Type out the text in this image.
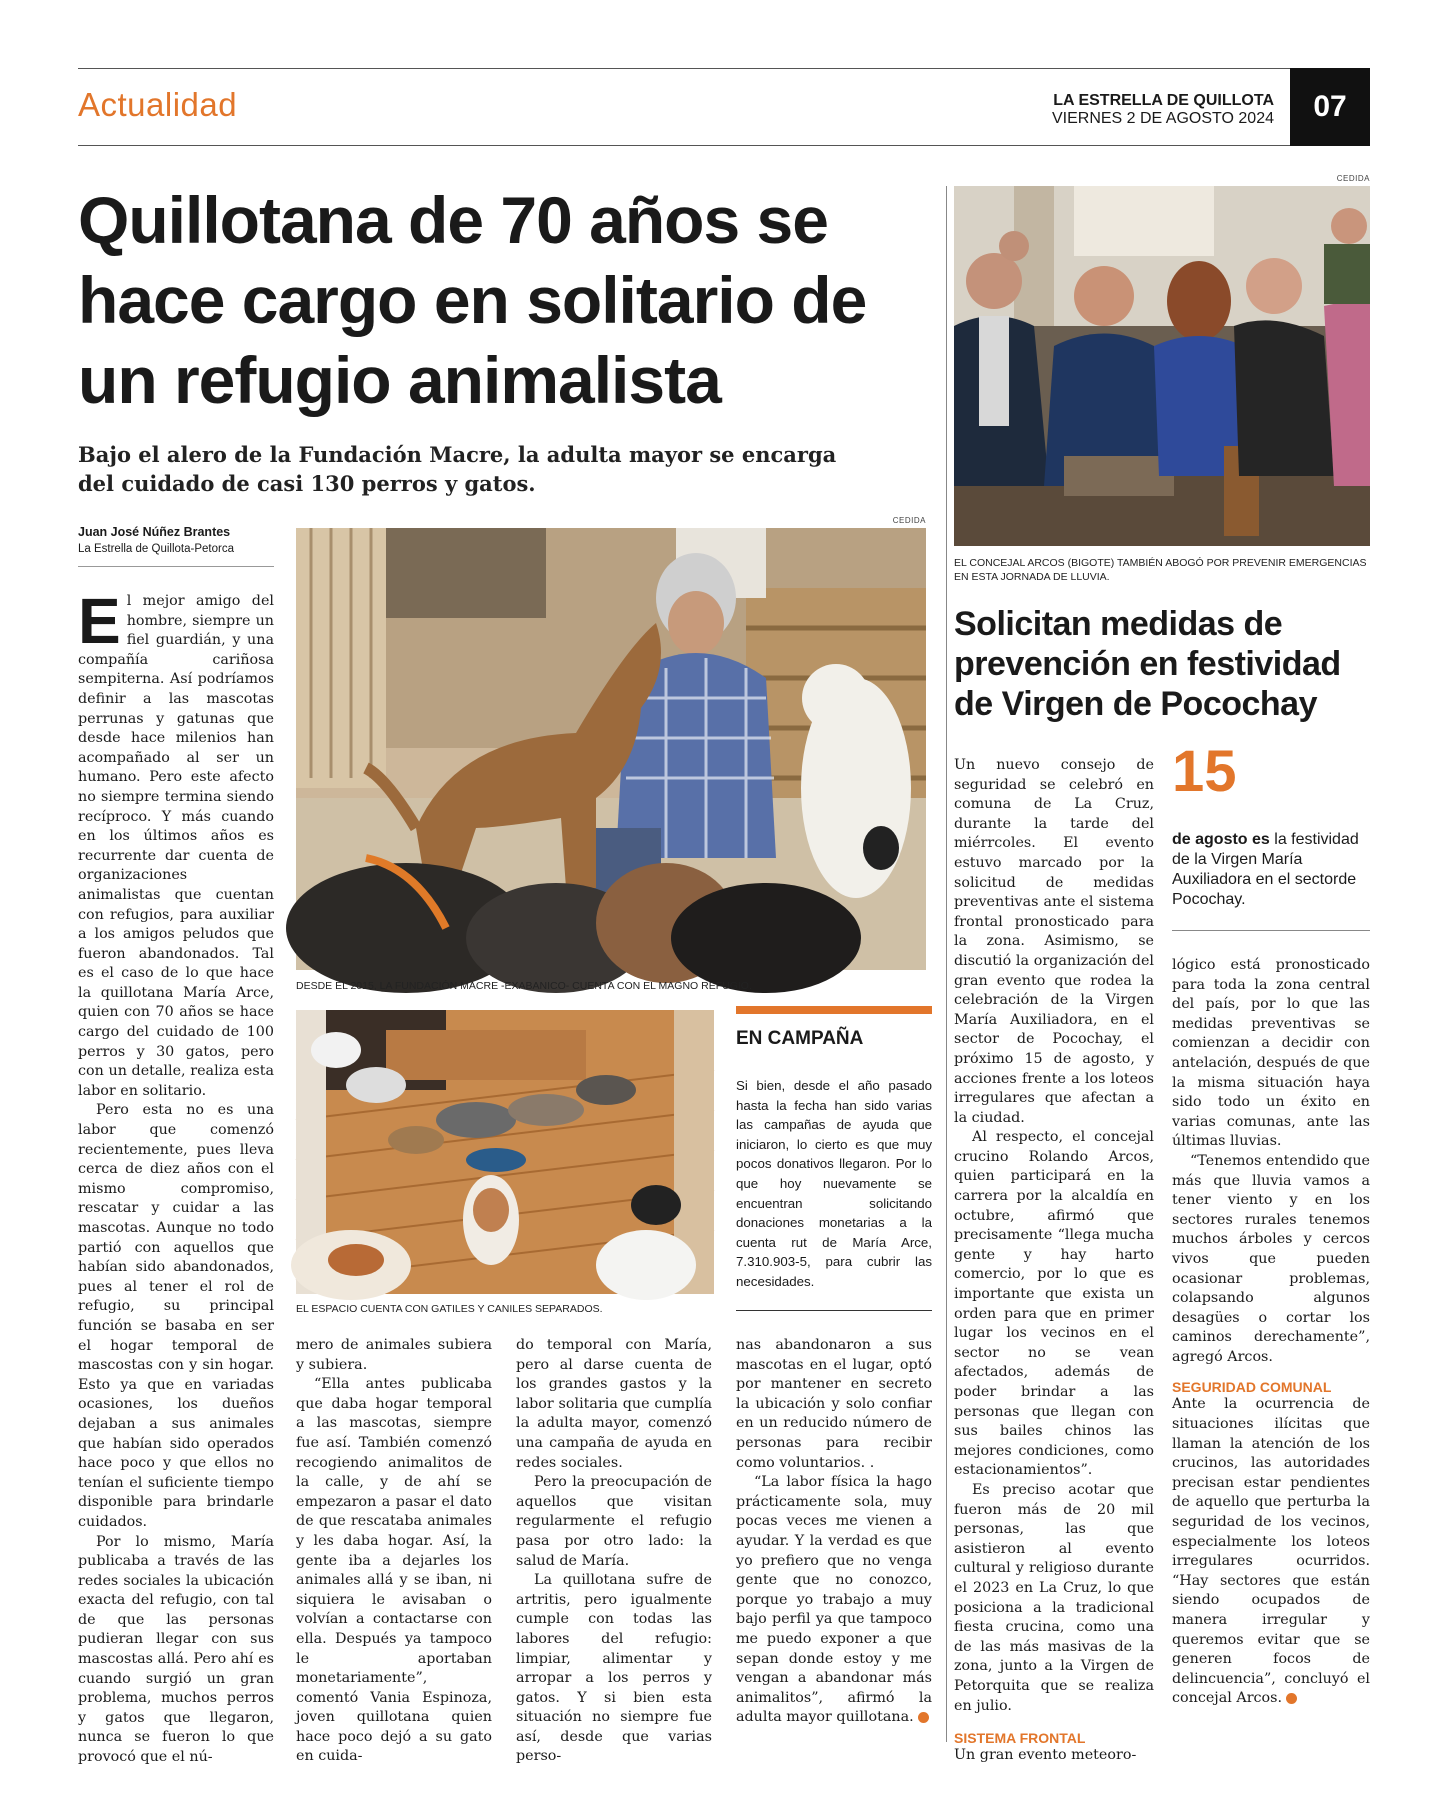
Actualidad	LA ESTRELLA DE QUILLOTA
VIERNES 2 DE AGOSTO 2024	07
Quillotana de 70 años se hace cargo en solitario de un refugio animalista
Bajo el alero de la Fundación Macre, la adulta mayor se encarga del cuidado de casi 130 perros y gatos.
Juan José Núñez Brantes
La Estrella de Quillota-Petorca

El mejor amigo del hombre, siempre un fiel guardián, y una compañía cariñosa sempiterna. Así podríamos definir a las mascotas perrunas y gatunas que desde hace milenios han acompañado al ser un humano. Pero este afecto no siempre termina siendo recíproco. Y más cuando en los últimos años es recurrente dar cuenta de organizaciones animalistas que cuentan con refugios, para auxiliar a los amigos peludos que fueron abandonados. Tal es el caso de lo que hace la quillotana María Arce, quien con 70 años se hace cargo del cuidado de 100 perros y 30 gatos, pero con un detalle, realiza esta labor en solitario.

Pero esta no es una labor que comenzó recientemente, pues lleva cerca de diez años con el mismo compromiso, rescatar y cuidar a las mascotas. Aunque no todo partió con aquellos que habían sido abandonados, pues al tener el rol de refugio, su principal función se basaba en ser el hogar temporal de mascostas con y sin hogar. Esto ya que en variadas ocasiones, los dueños dejaban a sus animales que habían sido operados hace poco y que ellos no tenían el suficiente tiempo disponible para brindarle cuidados.

Por lo mismo, María publicaba a través de las redes sociales la ubicación exacta del refugio, con tal de que las personas pudieran llegar con sus mascostas allá. Pero ahí es cuando surgió un gran problema, muchos perros y gatos que llegaron, nunca se fueron lo que provocó que el nú-

CEDIDA
DESDE EL 2015, LA FUNDACIÓN MACRE -EXABANICO- CUENTA CON EL MAGNO REFUGIO.
EL ESPACIO CUENTA CON GATILES Y CANILES SEPARADOS.

mero de animales subiera y subiera.

“Ella antes publicaba que daba hogar temporal a las mascotas, siempre fue así. También comenzó recogiendo animalitos de la calle, y de ahí se empezaron a pasar el dato de que rescataba animales y les daba hogar. Así, la gente iba a dejarles los animales allá y se iban, ni siquiera le avisaban o volvían a contactarse con ella. Después ya tampoco le aportaban monetariamente”, comentó Vania Espinoza, joven quillotana quien hace poco dejó a su gato en cuida-

do temporal con María, pero al darse cuenta de los grandes gastos y la labor solitaria que cumplía la adulta mayor, comenzó una campaña de ayuda en redes sociales.

Pero la preocupación de aquellos que visitan regularmente el refugio pasa por otro lado: la salud de María.

La quillotana sufre de artritis, pero igualmente cumple con todas las labores del refugio: limpiar, alimentar y arropar a los perros y gatos. Y si bien esta situación no siempre fue así, desde que varias perso-

EN CAMPAÑA
Si bien, desde el año pasado hasta la fecha han sido varias las campañas de ayuda que iniciaron, lo cierto es que muy pocos donativos llegaron. Por lo que hoy nuevamente se encuentran solicitando donaciones monetarias a la cuenta rut de María Arce, 7.310.903-5, para cubrir las necesidades.

nas abandonaron a sus mascotas en el lugar, optó por mantener en secreto la ubicación y solo confiar en un reducido número de personas para recibir como voluntarios. .

“La labor física la hago prácticamente sola, muy pocas veces me vienen a ayudar. Y la verdad es que yo prefiero que no venga gente que no conozco, porque yo trabajo a muy bajo perfil ya que tampoco me puedo exponer a que sepan donde estoy y me vengan a abandonar más animalitos”, afirmó la adulta mayor quillotana.

CEDIDA
EL CONCEJAL ARCOS (BIGOTE) TAMBIÉN ABOGÓ POR PREVENIR EMERGENCIAS EN ESTA JORNADA DE LLUVIA.
Solicitan medidas de prevención en festividad de Virgen de Pocochay
15
de agosto es la festividad de la Virgen María Auxiliadora en el sectorde Pocochay.

Un nuevo consejo de seguridad se celebró en comuna de La Cruz, durante la tarde del miérrcoles. El evento estuvo marcado por la solicitud de medidas preventivas ante el sistema frontal pronosticado para la zona. Asimismo, se discutió la organización del gran evento que rodea la celebración de la Virgen María Auxiliadora, en el sector de Pocochay, el próximo 15 de agosto, y acciones frente a los loteos irregulares que afectan a la ciudad.

Al respecto, el concejal crucino Rolando Arcos, quien participará en la carrera por la alcaldía en octubre, afirmó que precisamente “llega mucha gente y hay harto comercio, por lo que es importante que exista un orden para que en primer lugar los vecinos en el sector no se vean afectados, además de poder brindar a las personas que llegan con sus bailes chinos las mejores condiciones, como estacionamientos”.

Es preciso acotar que fueron más de 20 mil personas, las que asistieron al evento cultural y religioso durante el 2023 en La Cruz, lo que posiciona a la tradicional fiesta crucina, como una de las más masivas de la zona, junto a la Virgen de Petorquita que se realiza en julio.

SISTEMA FRONTAL

Un gran evento meteoro-

lógico está pronosticado para toda la zona central del país, por lo que las medidas preventivas se comienzan a decidir con antelación, después de que la misma situación haya sido todo un éxito en varias comunas, ante las últimas lluvias.

“Tenemos entendido que más que lluvia vamos a tener viento y en los sectores rurales tenemos muchos árboles y cercos vivos que pueden ocasionar problemas, colapsando algunos desagües o cortar los caminos derechamente”, agregó Arcos.

SEGURIDAD COMUNAL

Ante la ocurrencia de situaciones ilícitas que llaman la atención de los crucinos, las autoridades precisan estar pendientes de aquello que perturba la seguridad de los vecinos, especialmente los loteos irregulares ocurridos. “Hay sectores que están siendo ocupados de manera irregular y queremos evitar que se generen focos de delincuencia”, concluyó el concejal Arcos.
